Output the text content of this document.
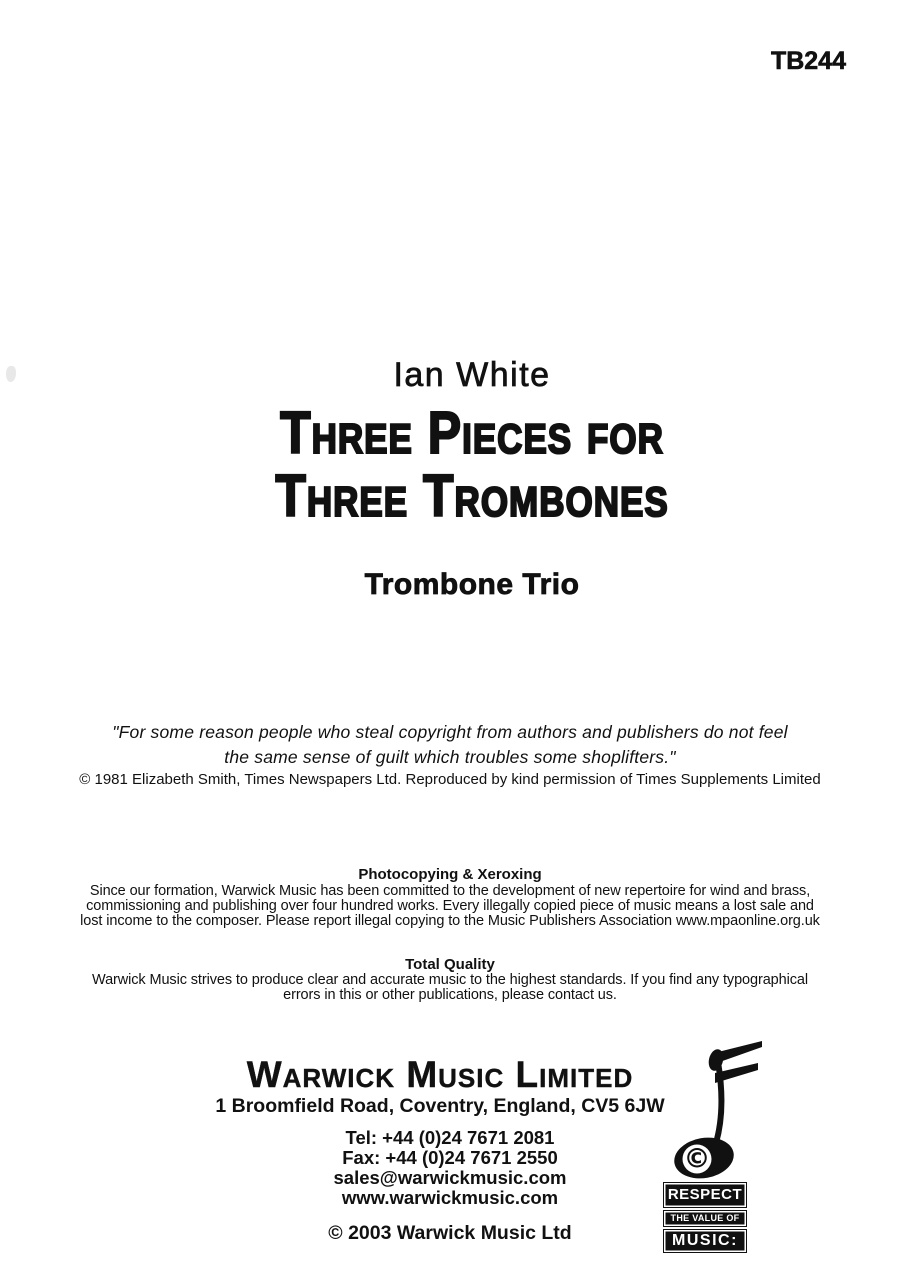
TB244
Ian White
Three Pieces for
Three Trombones
Trombone Trio
"For some reason people who steal copyright from authors and publishers do not feel
the same sense of guilt which troubles some shoplifters."
© 1981 Elizabeth Smith, Times Newspapers Ltd. Reproduced by kind permission of Times Supplements Limited
Photocopying & Xeroxing
Since our formation, Warwick Music has been committed to the development of new repertoire for wind and brass,
commissioning and publishing over four hundred works. Every illegally copied piece of music means a lost sale and
lost income to the composer. Please report illegal copying to the Music Publishers Association www.mpaonline.org.uk
Total Quality
Warwick Music strives to produce clear and accurate music to the highest standards. If you find any typographical
errors in this or other publications, please contact us.
Warwick Music Limited
1 Broomfield Road, Coventry, England, CV5 6JW
Tel: +44 (0)24 7671 2081
Fax: +44 (0)24 7671 2550
sales@warwickmusic.com
www.warwickmusic.com
© 2003 Warwick Music Ltd
©
RESPECT
THE VALUE OF
MUSIC:
